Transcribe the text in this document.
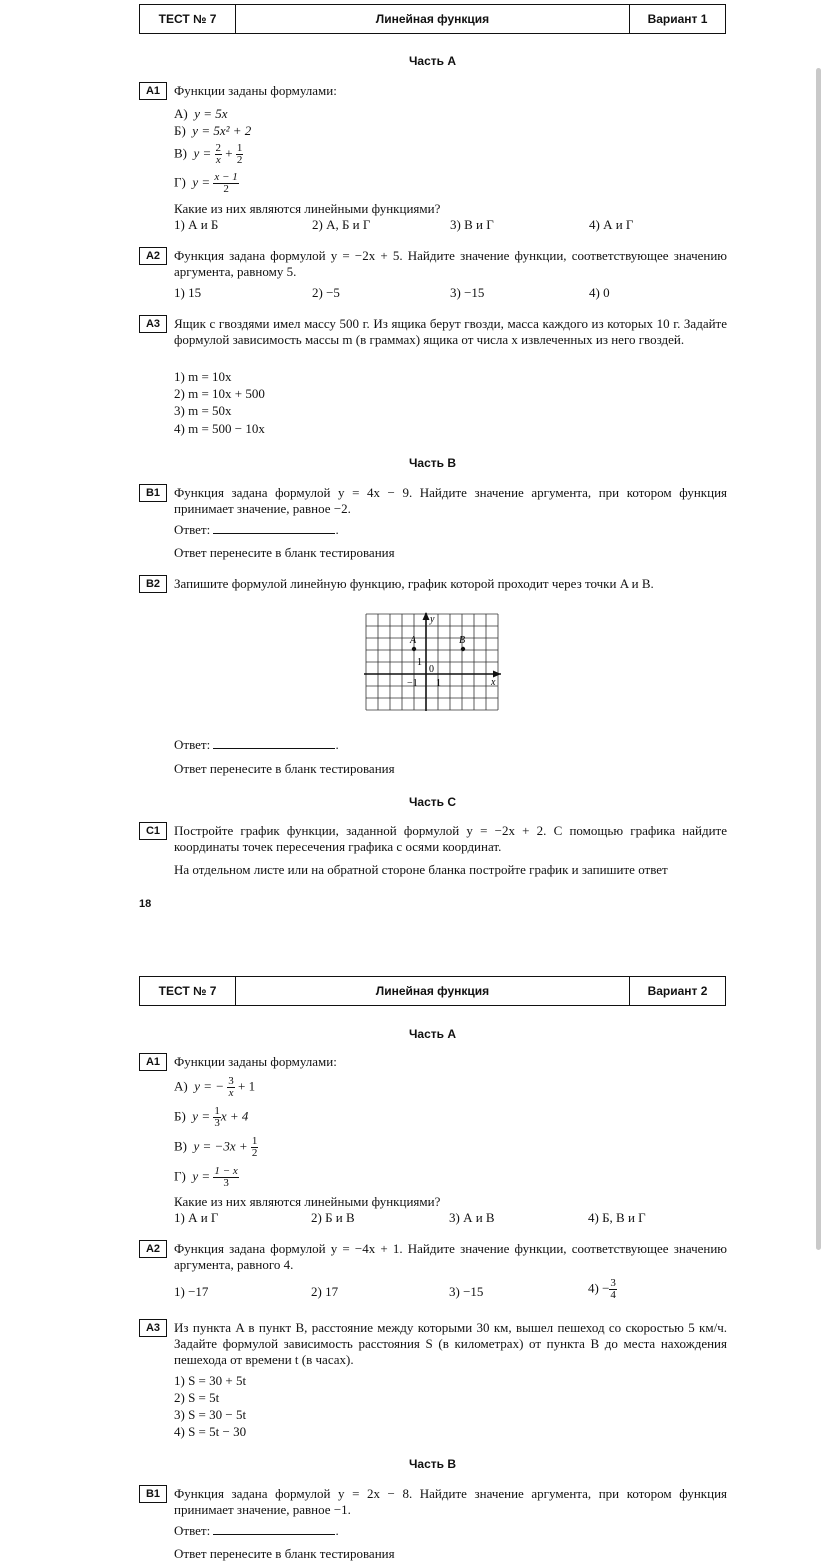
ТЕСТ № 7	Линейная функция	Вариант 1
Часть А
А1	Функции заданы формулами:
А) y = 5x
Б) y = 5x² + 2
В) $y = \frac{2}{x} + \frac{1}{2}$
Г) $y = \frac{x - 1}{2}$
Какие из них являются линейными функциями?
1) А и Б	2) А, Б и Г	3) В и Г	4) А и Г
А2	Функция задана формулой y = −2x + 5. Найдите значение функции, соответствующее значению аргумента, равному 5.
1) 15	2) −5	3) −15	4) 0
А3	Ящик с гвоздями имел массу 500 г. Из ящика берут гвозди, масса каждого из которых 10 г. Задайте формулой зависимость массы m (в граммах) ящика от числа x извлеченных из него гвоздей.
1) m = 10x
2) m = 10x + 500
3) m = 50x
4) m = 500 − 10x
Часть В
В1	Функция задана формулой y = 4x − 9. Найдите значение аргумента, при котором функция принимает значение, равное −2.
Ответ:	.
Ответ перенесите в бланк тестирования
В2	Запишите формулой линейную функцию, график которой проходит через точки A и B.
y
x
A	B
1
0
−1 1
Ответ:	.
Ответ перенесите в бланк тестирования
Часть С
С1	Постройте график функции, заданной формулой y = −2x + 2. С помощью графика найдите координаты точек пересечения графика с осями координат.
На отдельном листе или на обратной стороне бланка постройте график и запишите ответ
18
ТЕСТ № 7	Линейная функция	Вариант 2
Часть А
А1	Функции заданы формулами:
А) y = − $\frac{3}{x} + 1$
Б) $y = \frac{1}{3}$ x + 4
В) $y = -3x + \frac{1}{2}$
Г) $y = \frac{1 - x}{3}$
Какие из них являются линейными функциями?
1) А и Г	2) Б и В	3) А и В	4) Б, В и Г
А2	Функция задана формулой y = −4x + 1. Найдите значение функции, соответствующее значению аргумента, равного 4.
1) −17	2) 17	3) −15	$4) - \frac{3}{4}$
А3	Из пункта A в пункт B, расстояние между которыми 30 км, вышел пешеход со скоростью 5 км/ч. Задайте формулой зависимость расстояния S (в километрах) от пункта B до места нахождения пешехода от времени t (в часах).
1) S = 30 + 5t
2) S = 5t
3) S = 30 − 5t
4) S = 5t − 30
Часть В
В1	Функция задана формулой y = 2x − 8. Найдите значение аргумента, при котором функция принимает значение, равное −1.
Ответ:	.
Ответ перенесите в бланк тестирования
